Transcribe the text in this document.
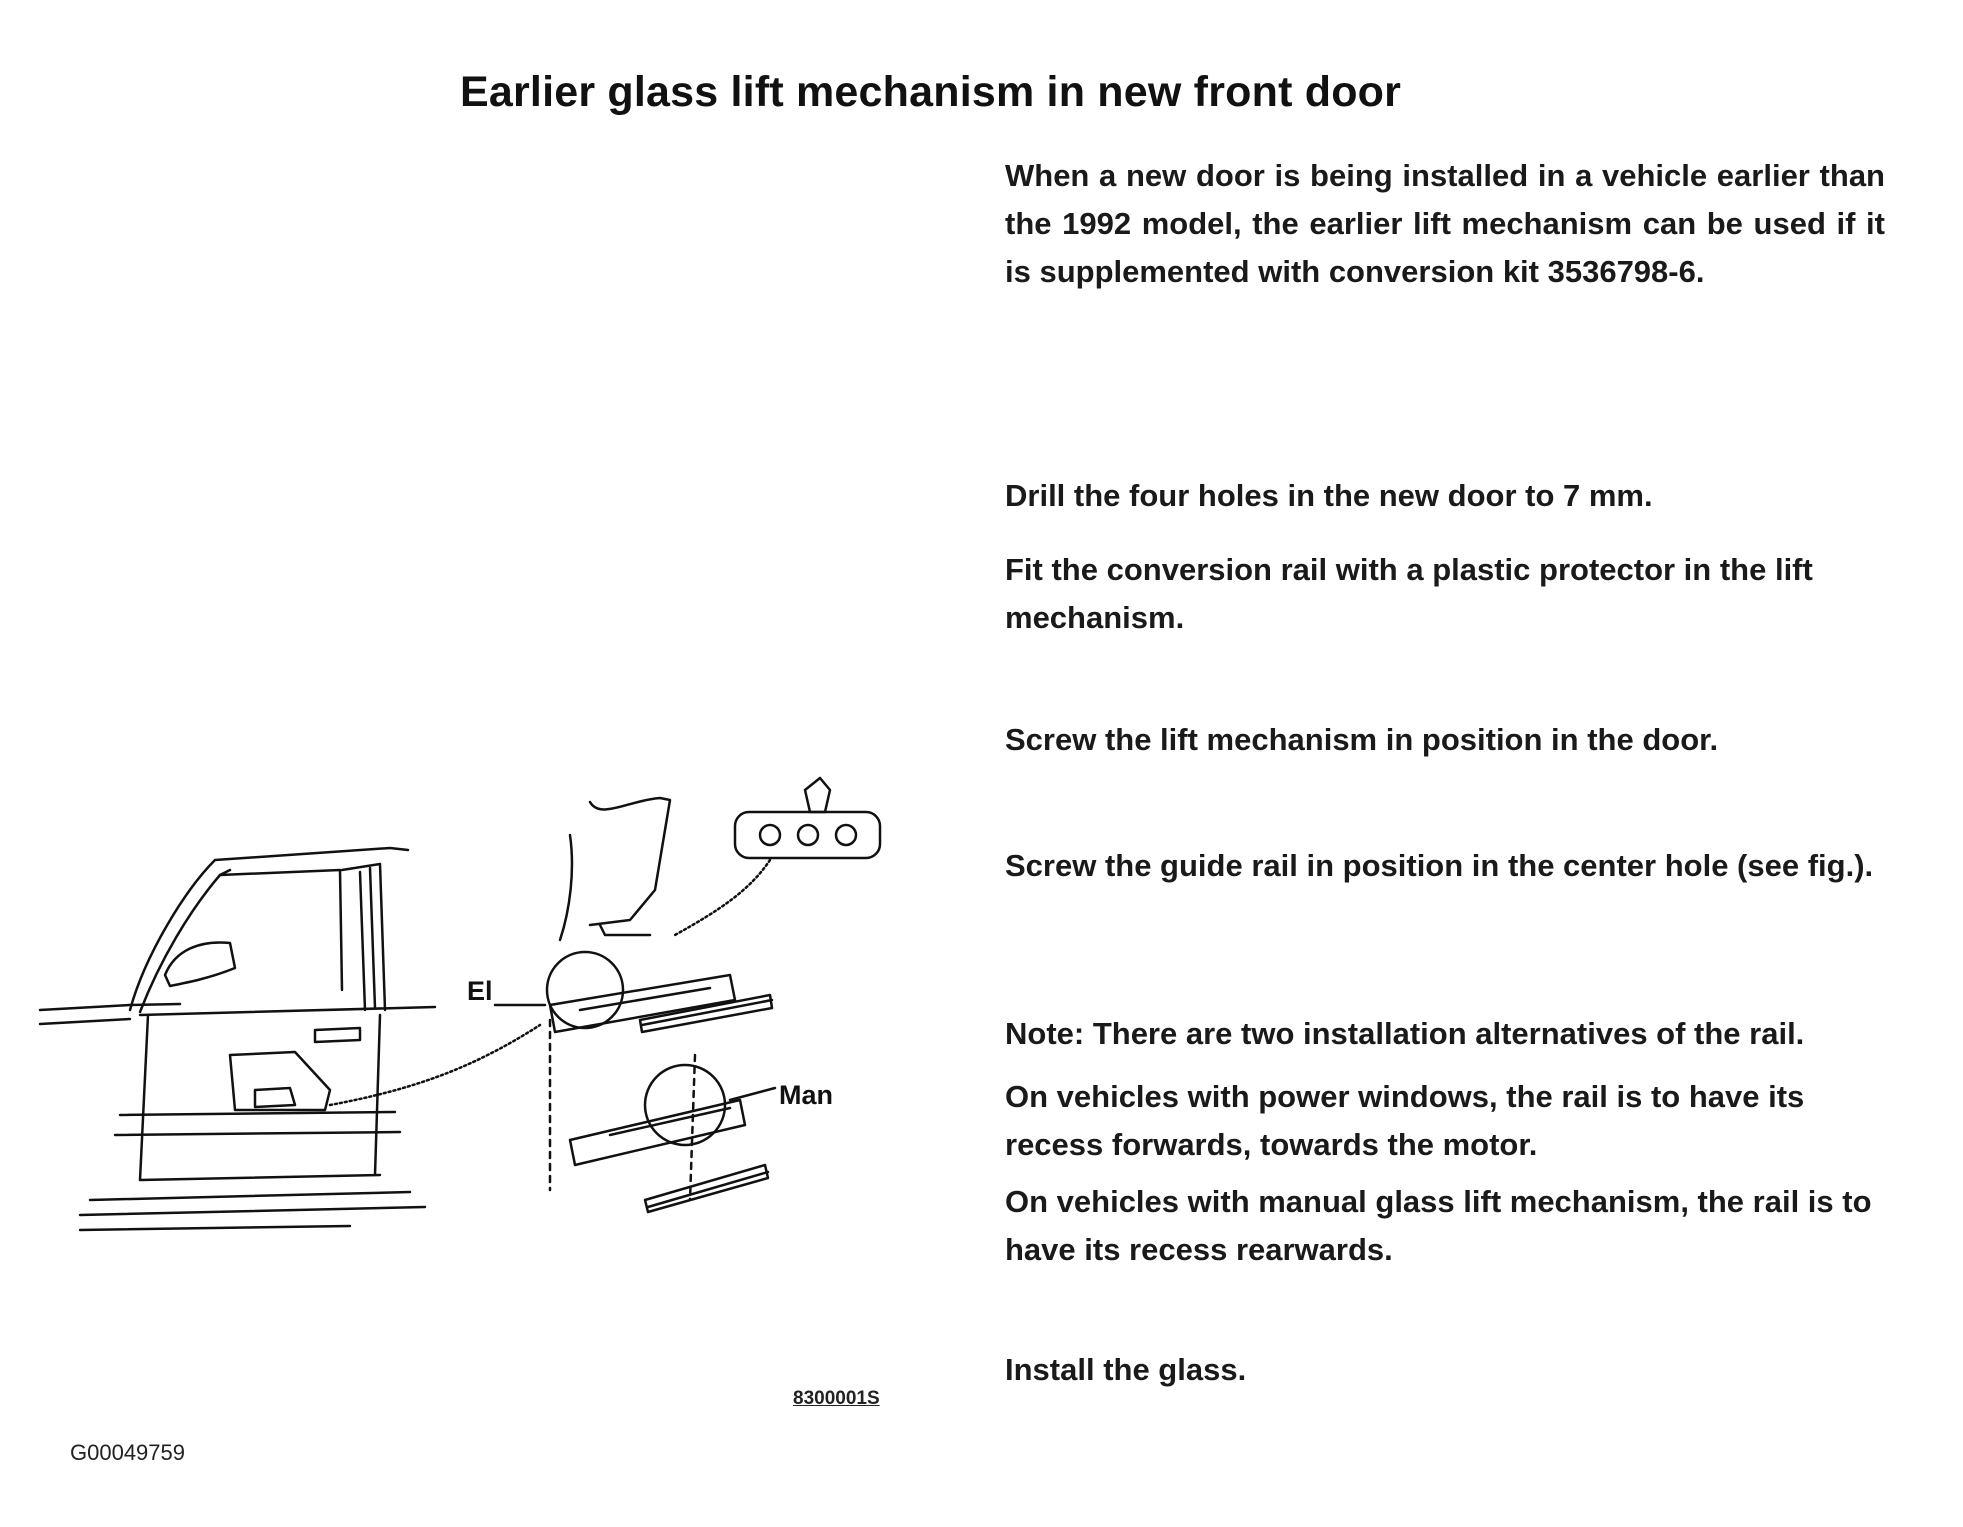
Earlier glass lift mechanism in new front door
When a new door is being installed in a vehicle earlier than the 1992 model, the earlier lift mechanism can be used if it is supplemented with conversion kit 3536798-6.
Drill the four holes in the new door to 7 mm.
Fit the conversion rail with a plastic protector in the lift mechanism.
Screw the lift mechanism in position in the door.
Screw the guide rail in position in the center hole (see fig.).
Note: There are two installation alternatives of the rail.
On vehicles with power windows, the rail is to have its recess forwards, towards the motor.
On vehicles with manual glass lift mechanism, the rail is to have its recess rearwards.
Install the glass.
El
Man
8300001S
G00049759
